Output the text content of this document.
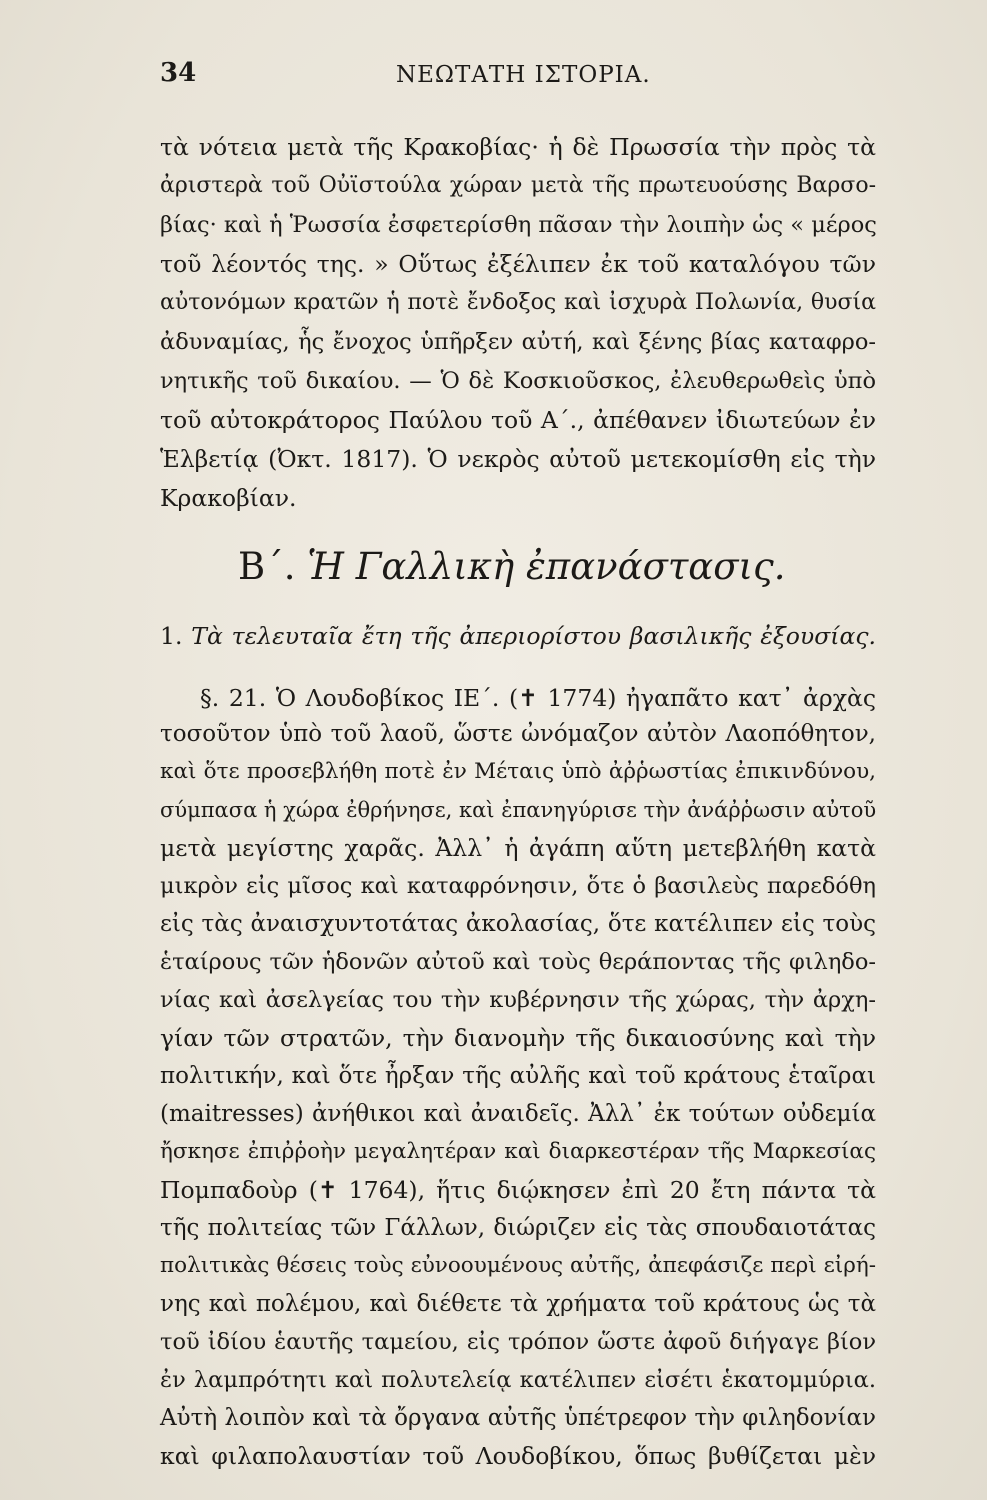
34	ΝΕΩΤΑΤΗ ΙΣΤΟΡΙΑ.
τὰ νότεια μετὰ τῆς Κρακοβίας· ἡ δὲ Πρωσσία τὴν πρὸς τὰ
ἀριστερὰ τοῦ Οὐϊστούλα χώραν μετὰ τῆς πρωτευούσης Βαρσο-
βίας· καὶ ἡ Ῥωσσία ἐσφετερίσθη πᾶσαν τὴν λοιπὴν ὡς « μέρος
τοῦ λέοντός της. » Οὕτως ἐξέλιπεν ἐκ τοῦ καταλόγου τῶν
αὐτονόμων κρατῶν ἡ ποτὲ ἔνδοξος καὶ ἰσχυρὰ Πολωνία, θυσία
ἀδυναμίας, ἧς ἔνοχος ὑπῆρξεν αὐτή, καὶ ξένης βίας καταφρο-
νητικῆς τοῦ δικαίου. — Ὁ δὲ Κοσκιοῦσκος, ἐλευθερωθεὶς ὑπὸ
τοῦ αὐτοκράτορος Παύλου τοῦ Α΄., ἀπέθανεν ἰδιωτεύων ἐν
Ἑλβετίᾳ (Ὀκτ. 1817). Ὁ νεκρὸς αὐτοῦ μετεκομίσθη εἰς τὴν
Κρακοβίαν.
Β΄. Ἡ Γαλλικὴ ἐπανάστασις.
1. Τὰ τελευταῖα ἔτη τῆς ἀπεριορίστου βασιλικῆς ἐξουσίας.
§. 21. Ὁ Λουδοβίκος ΙΕ΄. (✝ 1774) ἠγαπᾶτο κατ᾽ ἀρχὰς
τοσοῦτον ὑπὸ τοῦ λαοῦ, ὥστε ὠνόμαζον αὐτὸν Λαοπόθητον,
καὶ ὅτε προσεβλήθη ποτὲ ἐν Μέταις ὑπὸ ἀῤῥωστίας ἐπικινδύνου,
σύμπασα ἡ χώρα ἐθρήνησε, καὶ ἐπανηγύρισε τὴν ἀνάῤῥωσιν αὐτοῦ
μετὰ μεγίστης χαρᾶς. Ἀλλ᾽ ἡ ἀγάπη αὕτη μετεβλήθη κατὰ
μικρὸν εἰς μῖσος καὶ καταφρόνησιν, ὅτε ὁ βασιλεὺς παρεδόθη
εἰς τὰς ἀναισχυντοτάτας ἀκολασίας, ὅτε κατέλιπεν εἰς τοὺς
ἑταίρους τῶν ἡδονῶν αὐτοῦ καὶ τοὺς θεράποντας τῆς φιληδο-
νίας καὶ ἀσελγείας του τὴν κυβέρνησιν τῆς χώρας, τὴν ἀρχη-
γίαν τῶν στρατῶν, τὴν διανομὴν τῆς δικαιοσύνης καὶ τὴν
πολιτικήν, καὶ ὅτε ἦρξαν τῆς αὐλῆς καὶ τοῦ κράτους ἑταῖραι
(maitresses) ἀνήθικοι καὶ ἀναιδεῖς. Ἀλλ᾽ ἐκ τούτων οὐδεμία
ἤσκησε ἐπιῤῥοὴν μεγαλητέραν καὶ διαρκεστέραν τῆς Μαρκεσίας
Πομπαδοὺρ (✝ 1764), ἥτις διῴκησεν ἐπὶ 20 ἔτη πάντα τὰ
τῆς πολιτείας τῶν Γάλλων, διώριζεν εἰς τὰς σπουδαιοτάτας
πολιτικὰς θέσεις τοὺς εὐνοουμένους αὐτῆς, ἀπεφάσιζε περὶ εἰρή-
νης καὶ πολέμου, καὶ διέθετε τὰ χρήματα τοῦ κράτους ὡς τὰ
τοῦ ἰδίου ἑαυτῆς ταμείου, εἰς τρόπον ὥστε ἀφοῦ διήγαγε βίον
ἐν λαμπρότητι καὶ πολυτελείᾳ κατέλιπεν εἰσέτι ἑκατομμύρια.
Αὐτὴ λοιπὸν καὶ τὰ ὄργανα αὐτῆς ὑπέτρεφον τὴν φιληδονίαν
καὶ φιλαπολαυστίαν τοῦ Λουδοβίκου, ὅπως βυθίζεται μὲν
